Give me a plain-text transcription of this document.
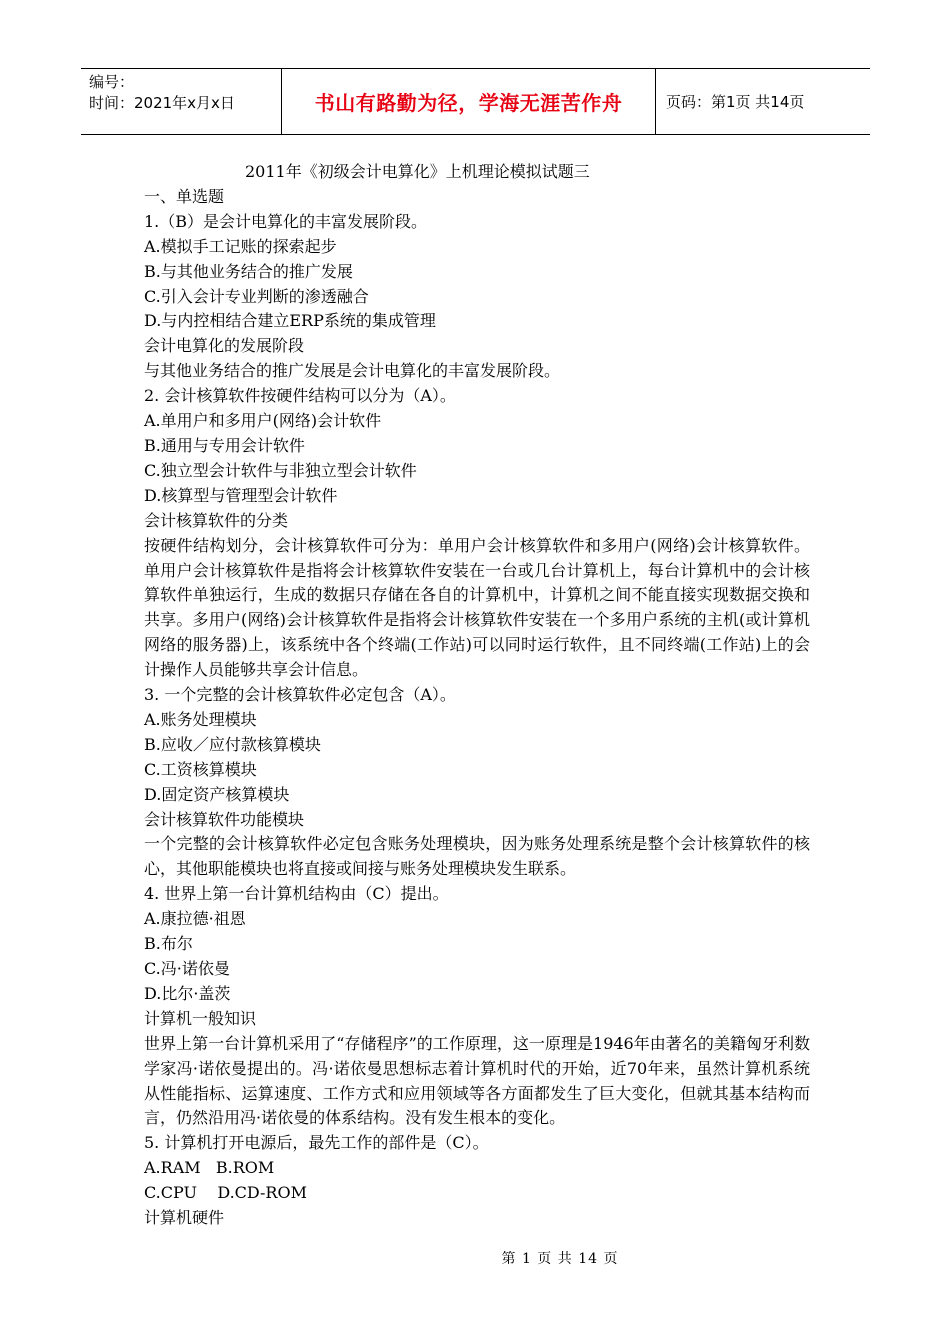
编号：
时间：2021年x月x日	书山有路勤为径，学海无涯苦作舟	页码：第1页 共14页
2011年《初级会计电算化》上机理论模拟试题三
一、单选题
1.（B）是会计电算化的丰富发展阶段。
A.模拟手工记账的探索起步
B.与其他业务结合的推广发展
C.引入会计专业判断的渗透融合
D.与内控相结合建立ERP系统的集成管理
会计电算化的发展阶段
与其他业务结合的推广发展是会计电算化的丰富发展阶段。
2. 会计核算软件按硬件结构可以分为（A）。
A.单用户和多用户(网络)会计软件
B.通用与专用会计软件
C.独立型会计软件与非独立型会计软件
D.核算型与管理型会计软件
会计核算软件的分类
按硬件结构划分，会计核算软件可分为：单用户会计核算软件和多用户(网络)会计核算软件。单用户会计核算软件是指将会计核算软件安装在一台或几台计算机上，每台计算机中的会计核算软件单独运行，生成的数据只存储在各自的计算机中，计算机之间不能直接实现数据交换和共享。多用户(网络)会计核算软件是指将会计核算软件安装在一个多用户系统的主机(或计算机网络的服务器)上，该系统中各个终端(工作站)可以同时运行软件，且不同终端(工作站)上的会计操作人员能够共享会计信息。
3. 一个完整的会计核算软件必定包含（A）。
A.账务处理模块
B.应收／应付款核算模块
C.工资核算模块
D.固定资产核算模块
会计核算软件功能模块
一个完整的会计核算软件必定包含账务处理模块，因为账务处理系统是整个会计核算软件的核心，其他职能模块也将直接或间接与账务处理模块发生联系。
4. 世界上第一台计算机结构由（C）提出。
A.康拉德·祖恩
B.布尔
C.冯·诺依曼
D.比尔·盖茨
计算机一般知识
世界上第一台计算机采用了“存储程序”的工作原理，这一原理是1946年由著名的美籍匈牙利数学家冯·诺依曼提出的。冯·诺依曼思想标志着计算机时代的开始，近70年来，虽然计算机系统从性能指标、运算速度、工作方式和应用领域等各方面都发生了巨大变化，但就其基本结构而言，仍然沿用冯·诺依曼的体系结构。没有发生根本的变化。
5. 计算机打开电源后，最先工作的部件是（C）。
A.RAM   B.ROM
C.CPU    D.CD-ROM
计算机硬件
第 1 页 共 14 页
